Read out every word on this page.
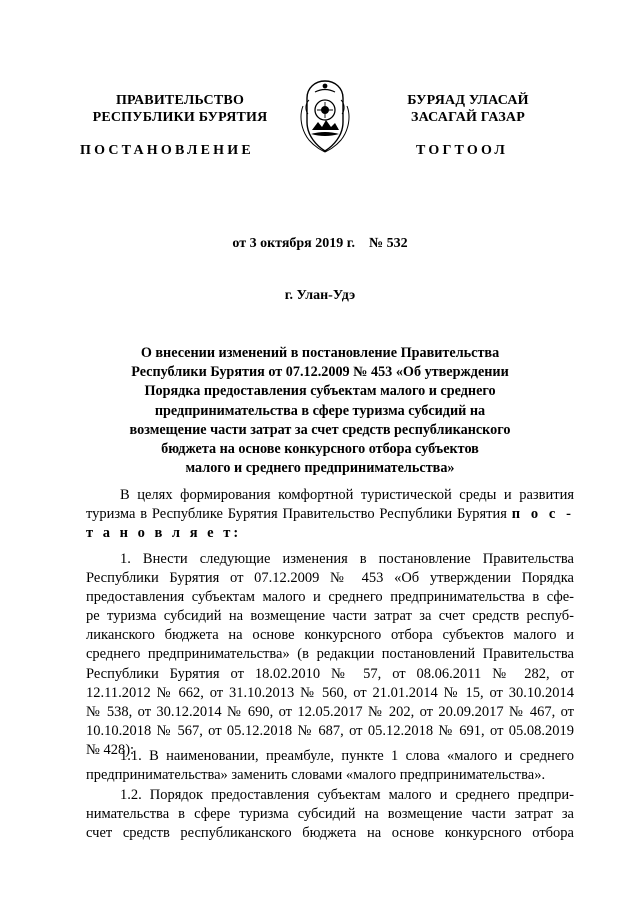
ПРАВИТЕЛЬСТВО
РЕСПУБЛИКИ БУРЯТИЯ
БУРЯАД УЛАСАЙ
ЗАСАГАЙ ГАЗАР
ПОСТАНОВЛЕНИЕ	ТОГТООЛ
от 3 октября 2019 г.    № 532
г. Улан-Удэ
О внесении изменений в постановление Правительства
Республики Бурятия от 07.12.2009 № 453 «Об утверждении
Порядка предоставления субъектам малого и среднего
предпринимательства в сфере туризма субсидий на
возмещение части затрат за счет средств республиканского
бюджета на основе конкурсного отбора субъектов
малого и среднего предпринимательства»
В целях формирования комфортной туристической среды и развития
туризма в Республике Бурятия Правительство Республики Бурятия п о с -
т а н о в л я е т:
1. Внести следующие изменения в постановление Правительства
Республики Бурятия от 07.12.2009 № 453 «Об утверждении Порядка
предоставления субъектам малого и среднего предпринимательства в сфе-
ре туризма субсидий на возмещение части затрат за счет средств респуб-
ликанского бюджета на основе конкурсного отбора субъектов малого и
среднего предпринимательства» (в редакции постановлений Правительства
Республики Бурятия от 18.02.2010 № 57, от 08.06.2011 № 282, от
12.11.2012 № 662, от 31.10.2013 № 560, от 21.01.2014 № 15, от 30.10.2014
№ 538, от 30.12.2014 № 690, от 12.05.2017 № 202, от 20.09.2017 № 467, от
10.10.2018 № 567, от 05.12.2018 № 687, от 05.12.2018 № 691, от 05.08.2019
№ 428):
1.1. В наименовании, преамбуле, пункте 1 слова «малого и среднего
предпринимательства» заменить словами «малого предпринимательства».
1.2. Порядок предоставления субъектам малого и среднего предпри-
нимательства в сфере туризма субсидий на возмещение части затрат за
счет средств республиканского бюджета на основе конкурсного отбора
